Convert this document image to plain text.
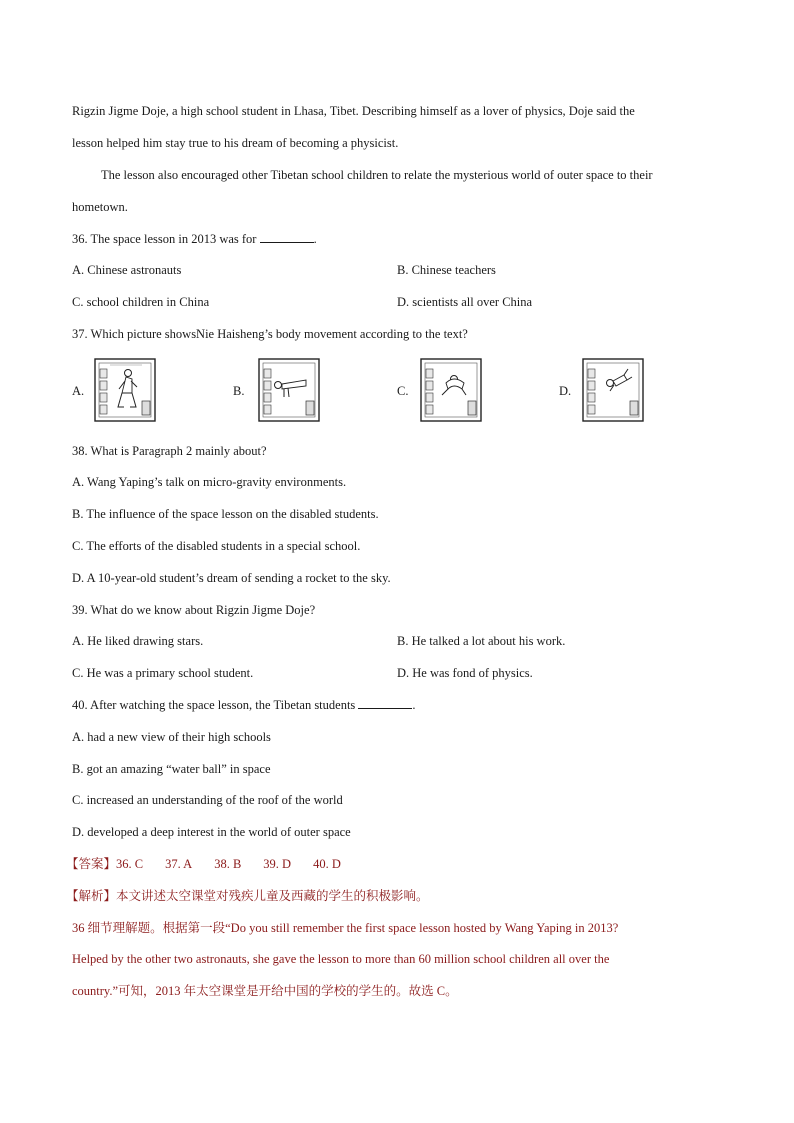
Rigzin Jigme Doje, a high school student in Lhasa, Tibet. Describing himself as a lover of physics, Doje said the
lesson helped him stay true to his dream of becoming a physicist.
The lesson also encouraged other Tibetan school children to relate the mysterious world of outer space to their
hometown.
36. The space lesson in 2013 was for	.
A. Chinese astronauts	B. Chinese teachers
C. school children in China	D. scientists all over China
37. Which picture showsNie Haisheng’s body movement according to the text?
A.	B.	C.	D.
38. What is Paragraph 2 mainly about?
A. Wang Yaping’s talk on micro-gravity environments.
B. The influence of the space lesson on the disabled students.
C. The efforts of the disabled students in a special school.
D. A 10-year-old student’s dream of sending a rocket to the sky.
39. What do we know about Rigzin Jigme Doje?
A. He liked drawing stars.	B. He talked a lot about his work.
C. He was a primary school student.	D. He was fond of physics.
40. After watching the space lesson, the Tibetan students	.
A. had a new view of their high schools
B. got an amazing “water ball” in space
C. increased an understanding of the roof of the world
D. developed a deep interest in the world of outer space
【答案】36. C 37. A 38. B 39. D 40. D
【解析】本文讲述太空课堂对残疾儿童及西藏的学生的积极影响。
36 细节理解题。根据第一段“Do you still remember the first space lesson hosted by Wang Yaping in 2013?
Helped by the other two astronauts, she gave the lesson to more than 60 million school children all over the
country.”可知，2013 年太空课堂是开给中国的学校的学生的。故选 C。
